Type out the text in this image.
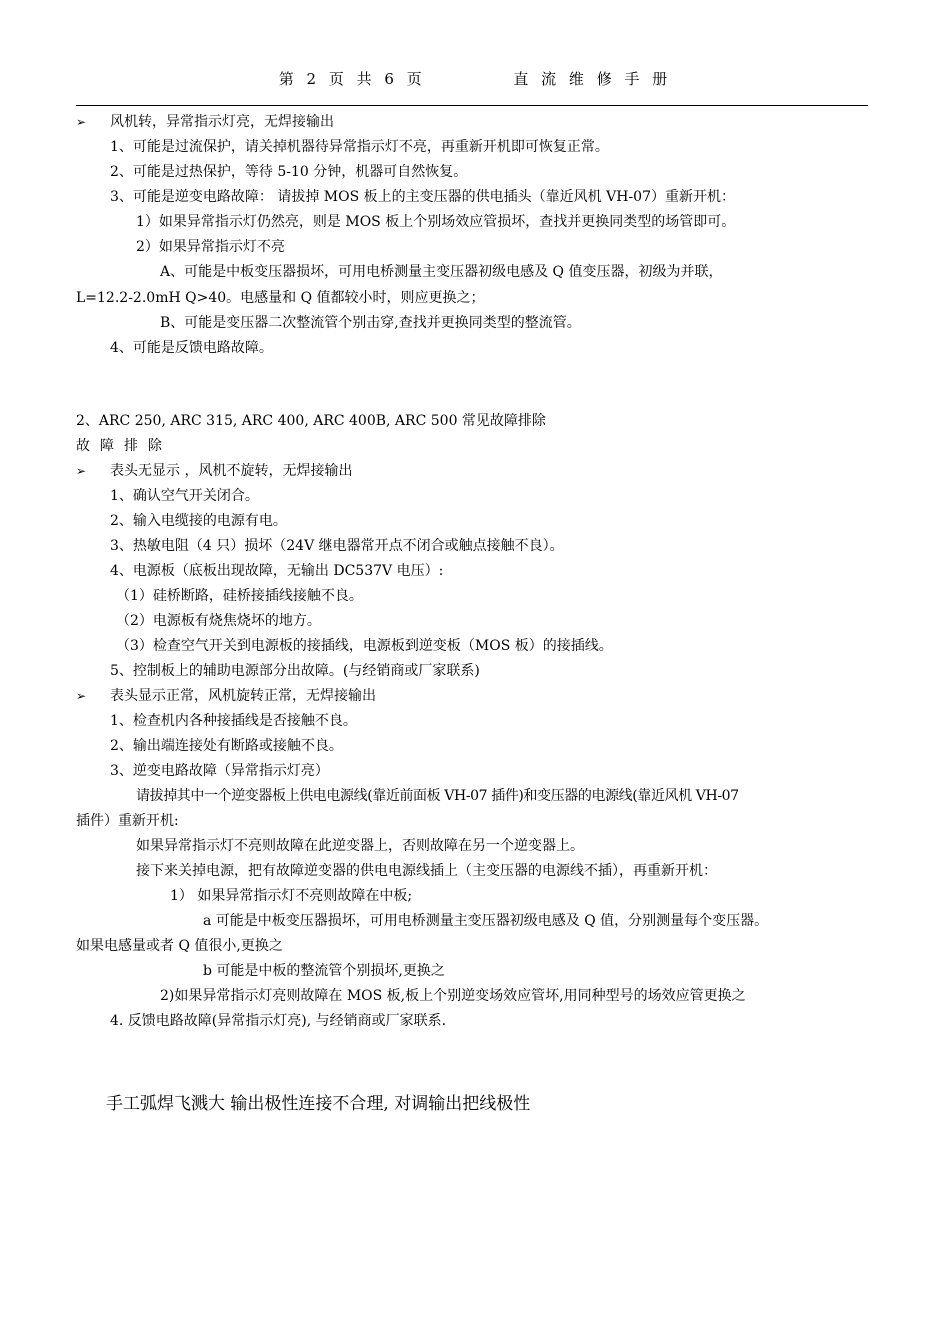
第 2 页 共 6 页	直 流 维 修 手 册
➢ 风机转，异常指示灯亮，无焊接输出
1、可能是过流保护，请关掉机器待异常指示灯不亮，再重新开机即可恢复正常。
2、可能是过热保护，等待 5-10 分钟，机器可自然恢复。
3、可能是逆变电路故障： 请拔掉 MOS 板上的主变压器的供电插头（靠近风机 VH-07）重新开机：
1）如果异常指示灯仍然亮，则是 MOS 板上个别场效应管损坏，查找并更换同类型的场管即可。
2）如果异常指示灯不亮
A、可能是中板变压器损坏，可用电桥测量主变压器初级电感及 Q 值变压器，初级为并联，
L=12.2-2.0mH Q>40。电感量和 Q 值都较小时，则应更换之；
B、可能是变压器二次整流管个别击穿,查找并更换同类型的整流管。
4、可能是反馈电路故障。
2、ARC 250, ARC 315, ARC 400, ARC 400B, ARC 500 常见故障排除
故障排除
➢ 表头无显示 ，风机不旋转，无焊接输出
1、确认空气开关闭合。
2、输入电缆接的电源有电。
3、热敏电阻（4 只）损坏（24V 继电器常开点不闭合或触点接触不良）。
4、电源板（底板出现故障，无输出 DC537V 电压）:
（1）硅桥断路，硅桥接插线接触不良。
（2）电源板有烧焦烧坏的地方。
（3）检查空气开关到电源板的接插线，电源板到逆变板（MOS 板）的接插线。
5、控制板上的辅助电源部分出故障。(与经销商或厂家联系)
➢ 表头显示正常，风机旋转正常，无焊接输出
1、检查机内各种接插线是否接触不良。
2、输出端连接处有断路或接触不良。
3、逆变电路故障（异常指示灯亮）
请拔掉其中一个逆变器板上供电电源线(靠近前面板 VH-07 插件)和变压器的电源线(靠近风机 VH-07
插件）重新开机:
如果异常指示灯不亮则故障在此逆变器上，否则故障在另一个逆变器上。
接下来关掉电源，把有故障逆变器的供电电源线插上（主变压器的电源线不插），再重新开机：
1） 如果异常指示灯不亮则故障在中板;
a 可能是中板变压器损坏，可用电桥测量主变压器初级电感及 Q 值，分别测量每个变压器。
如果电感量或者 Q 值很小,更换之
b 可能是中板的整流管个别损坏,更换之
2)如果异常指示灯亮则故障在 MOS 板,板上个别逆变场效应管坏,用同种型号的场效应管更换之
4. 反馈电路故障(异常指示灯亮), 与经销商或厂家联系.
手工弧焊飞溅大 输出极性连接不合理, 对调输出把线极性
